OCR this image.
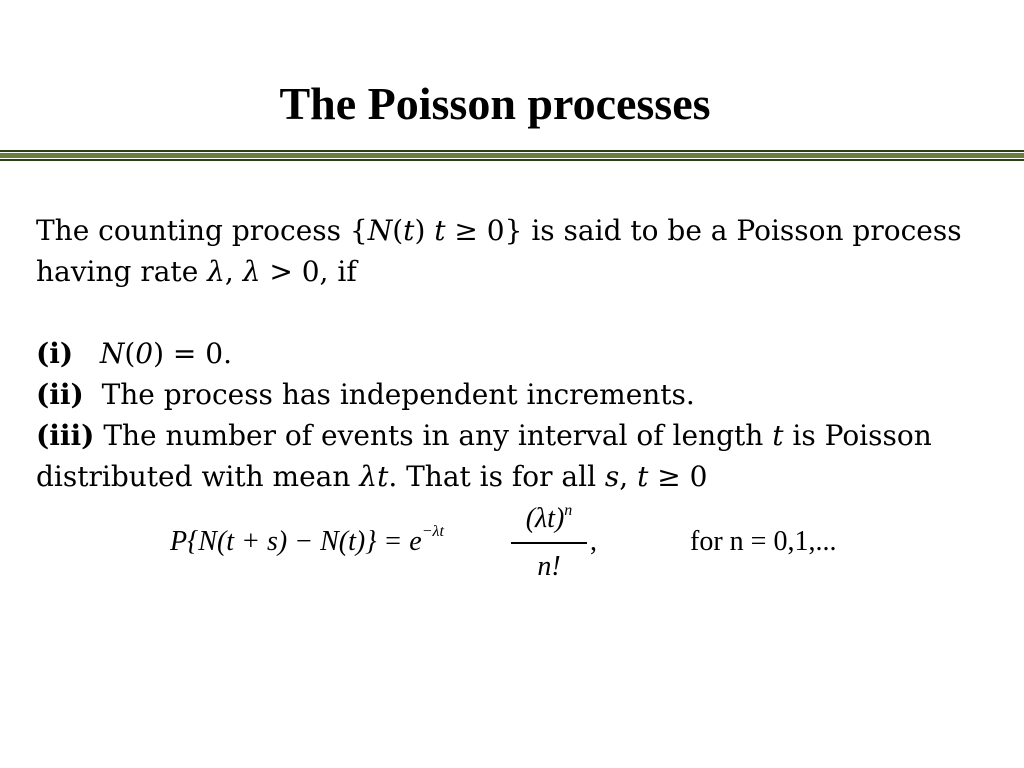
The Poisson processes
The counting process {N(t) t ≥ 0} is said to be a Poisson process
having rate λ, λ > 0, if
(i) N(0) = 0.
(ii) The process has independent increments.
(iii) The number of events in any interval of length t is Poisson
distributed with mean λt. That is for all s, t ≥ 0
$P\{N(t + s) - N(t)\} = e^{-\lambda t}$	$(\lambda t)^n$
n!
,	for n = 0,1,...
